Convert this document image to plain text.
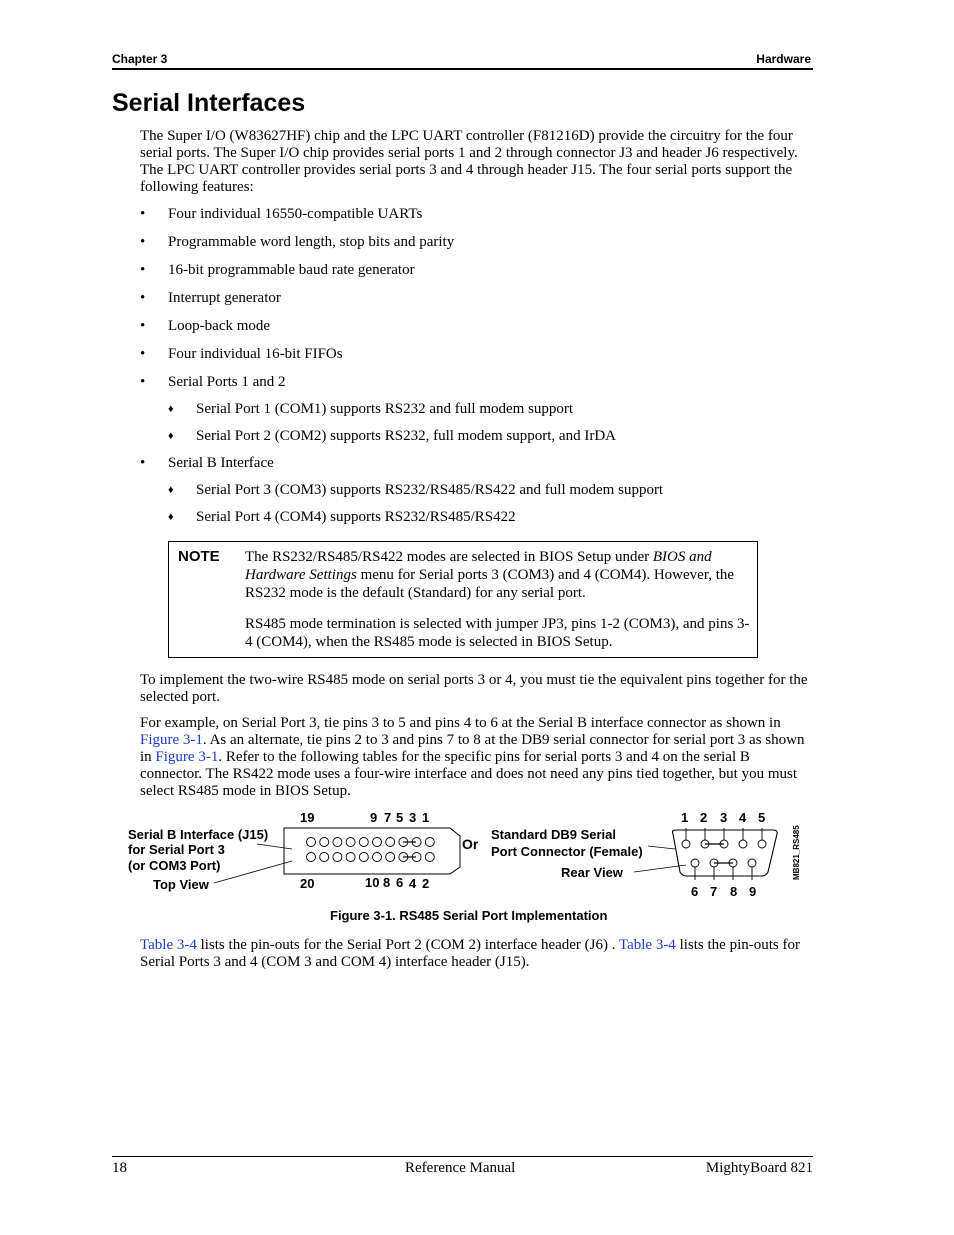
Chapter 3	Hardware
Serial Interfaces

The Super I/O (W83627HF) chip and the LPC UART controller (F81216D) provide the circuitry for the four serial ports. The Super I/O chip provides serial ports 1 and 2 through connector J3 and header J6 respectively. The LPC UART controller provides serial ports 3 and 4 through header J15. The four serial ports support the following features:

•	Four individual 16550-compatible UARTs
•	Programmable word length, stop bits and parity
•	16-bit programmable baud rate generator
•	Interrupt generator
•	Loop-back mode
•	Four individual 16-bit FIFOs
•	Serial Ports 1 and 2
♦ Serial Port 1 (COM1) supports RS232 and full modem support
♦ Serial Port 2 (COM2) supports RS232, full modem support, and IrDA
•	Serial B Interface
♦ Serial Port 3 (COM3) supports RS232/RS485/RS422 and full modem support
♦ Serial Port 4 (COM4) supports RS232/RS485/RS422
NOTE The RS232/RS485/RS422 modes are selected in BIOS Setup under BIOS and Hardware Settings menu for Serial ports 3 (COM3) and 4 (COM4). However, the RS232 mode is the default (Standard) for any serial port.

RS485 mode termination is selected with jumper JP3, pins 1-2 (COM3), and pins 3-4 (COM4), when the RS485 mode is selected in BIOS Setup.

To implement the two-wire RS485 mode on serial ports 3 or 4, you must tie the equivalent pins together for the selected port.

For example, on Serial Port 3, tie pins 3 to 5 and pins 4 to 6 at the Serial B interface connector as shown in Figure 3-1. As an alternate, tie pins 2 to 3 and pins 7 to 8 at the DB9 serial connector for serial port 3 as shown in Figure 3-1. Refer to the following tables for the specific pins for serial ports 3 and 4 on the serial B connector. The RS422 mode uses a four-wire interface and does not need any pins tied together, but you must select RS485 mode in BIOS Setup.

Serial B Interface (J15)
for Serial Port 3
(or COM3 Port)
Top View
19	9 7 5 3 1
20	10 8 6 4 2
Or
Standard DB9 Serial
Port Connector (Female)
Rear View
1 2 3 4 5
6 7 8 9
MB821_RS485
Figure 3-1. RS485 Serial Port Implementation

Table 3-4 lists the pin-outs for the Serial Port 2 (COM 2) interface header (J6) . Table 3-4 lists the pin-outs for Serial Ports 3 and 4 (COM 3 and COM 4) interface header (J15).

18	Reference Manual	MightyBoard 821
